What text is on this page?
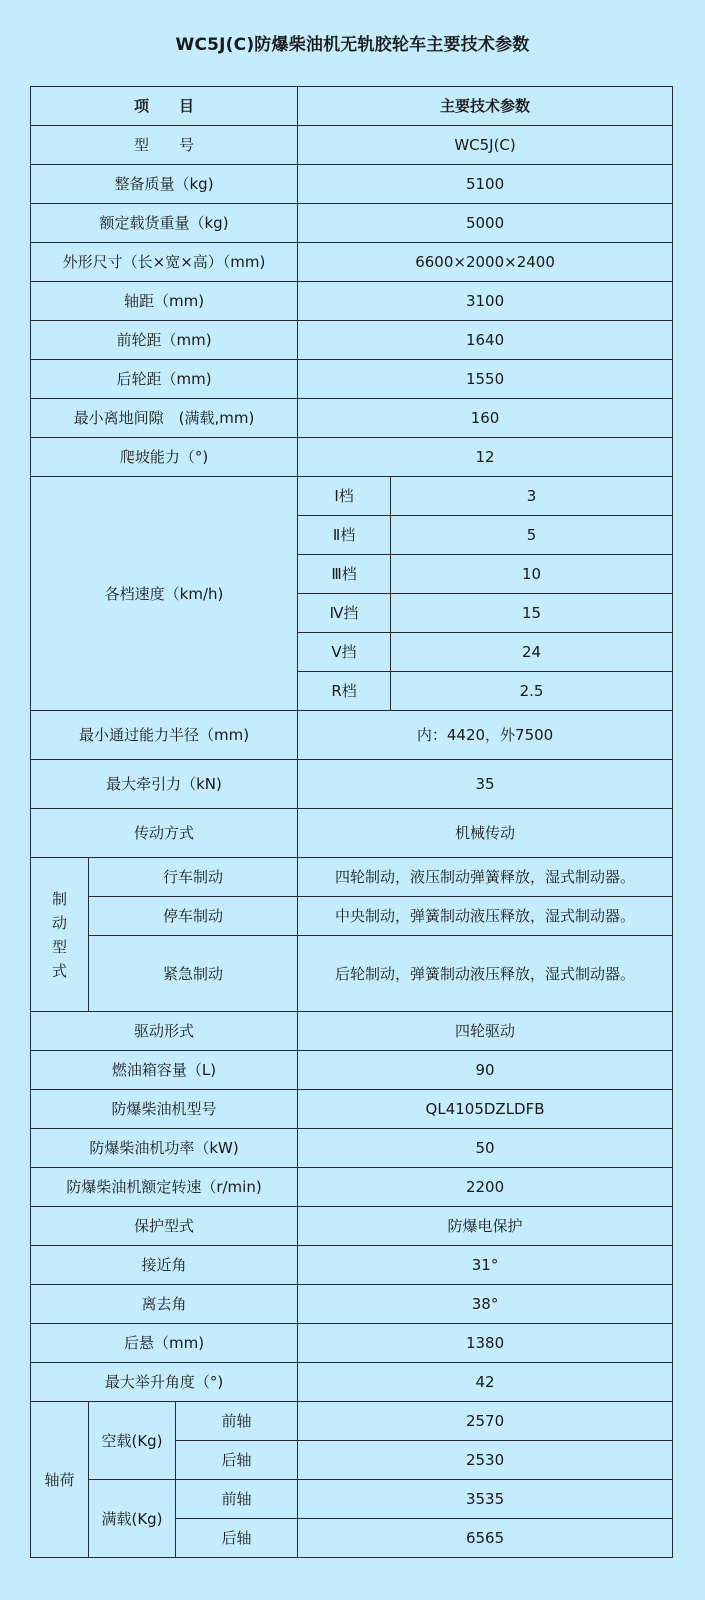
WC5J(C)防爆柴油机无轨胶轮车主要技术参数
项　　目			主要技术参数	
型　　号			WC5J(C)	
整备质量（kg)			5100	
额定载货重量（kg)			5000	
外形尺寸（长×宽×高）（mm)			6600×2000×2400	
轴距（mm)			3100	
前轮距（mm)			1640	
后轮距（mm)			1550	
最小离地间隙　(满载,mm)			160	
爬坡能力（°)			12	
各档速度（km/h)			Ⅰ档	3
			Ⅱ档	5
			Ⅲ档	10
			Ⅳ挡	15
			Ⅴ挡	24
			R档	2.5
最小通过能力半径（mm)			内：4420，外7500	
最大牵引力（kN)			35	
传动方式			机械传动	

制
动
型
式	行车制动		四轮制动，液压制动弹簧释放，湿式制动器。	
	停车制动		中央制动，弹簧制动液压释放，湿式制动器。	
	紧急制动		后轮制动，弹簧制动液压释放，湿式制动器。	
驱动形式			四轮驱动	
燃油箱容量（L)			90	
防爆柴油机型号			QL4105DZLDFB	
防爆柴油机功率（kW)			50	
防爆柴油机额定转速（r/min)			2200	
保护型式			防爆电保护	
接近角			31°	
离去角			38°	
后悬（mm)			1380	
最大举升角度（°)			42	
轴荷	空载(Kg)	前轴	2570	
		后轴	2530	
	满载(Kg)	前轴	3535	
		后轴	6565	
